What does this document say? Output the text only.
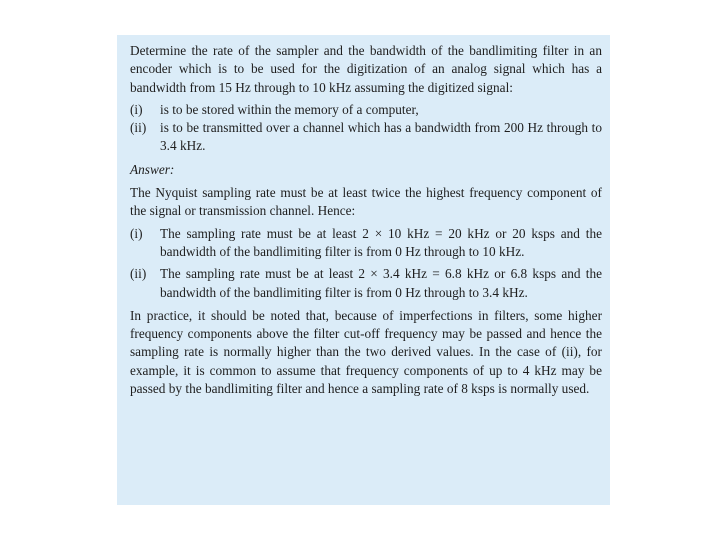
Determine the rate of the sampler and the bandwidth of the bandlimiting filter in an encoder which is to be used for the digitization of an analog signal which has a bandwidth from 15 Hz through to 10 kHz assuming the digitized signal:

(i)	is to be stored within the memory of a computer,
(ii)	is to be transmitted over a channel which has a bandwidth from 200 Hz through to 3.4 kHz.

Answer:

The Nyquist sampling rate must be at least twice the highest frequency component of the signal or transmission channel. Hence:

(i)	The sampling rate must be at least 2 × 10 kHz = 20 kHz or 20 ksps and the bandwidth of the bandlimiting filter is from 0 Hz through to 10 kHz.
(ii)	The sampling rate must be at least 2 × 3.4 kHz = 6.8 kHz or 6.8 ksps and the bandwidth of the bandlimiting filter is from 0 Hz through to 3.4 kHz.

In practice, it should be noted that, because of imperfections in filters, some higher frequency components above the filter cut-off frequency may be passed and hence the sampling rate is normally higher than the two derived values. In the case of (ii), for example, it is common to assume that frequency components of up to 4 kHz may be passed by the bandlimiting filter and hence a sampling rate of 8 ksps is normally used.
